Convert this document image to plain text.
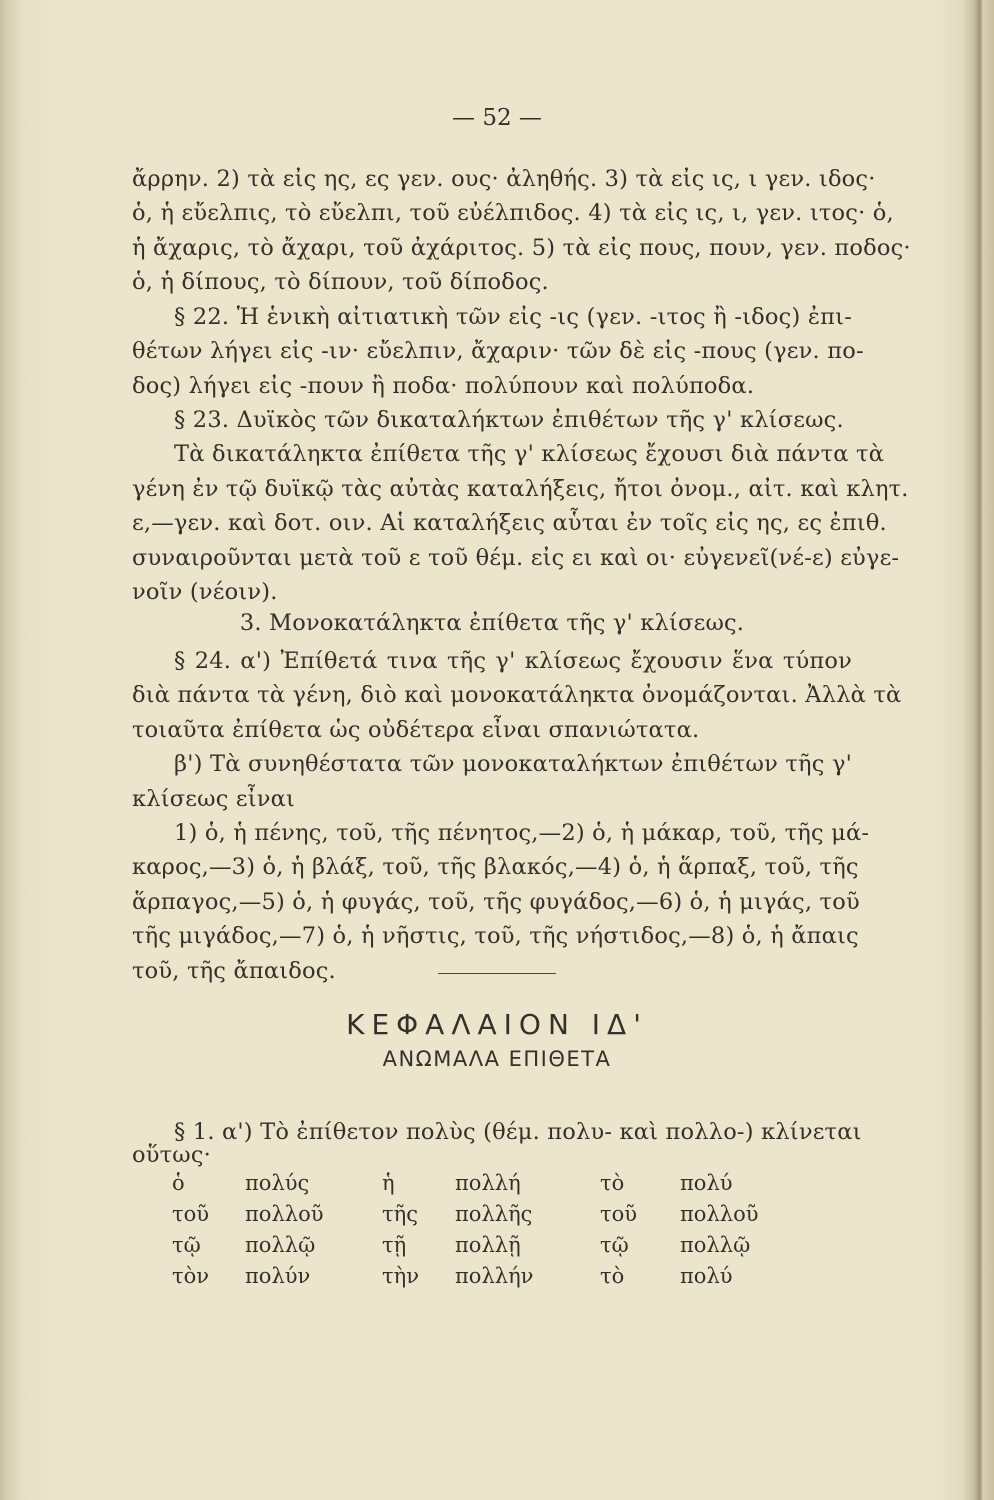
— 52 —
ἄρρην. 2) τὰ εἰς ης, ες γεν. ους· ἀληθής. 3) τὰ εἰς ις, ι γεν. ιδος·
ὁ, ἡ εὔελπις, τὸ εὔελπι, τοῦ εὐέλπιδος. 4) τὰ εἰς ις, ι, γεν. ιτος· ὁ,
ἡ ἄχαρις, τὸ ἄχαρι, τοῦ ἀχάριτος. 5) τὰ εἰς πους, πουν, γεν. ποδος·
ὁ, ἡ δίπους, τὸ δίπουν, τοῦ δίποδος.
§ 22. Ἡ ἑνικὴ αἰτιατικὴ τῶν εἰς -ις (γεν. -ιτος ἢ -ιδος) ἐπι-
θέτων λήγει εἰς -ιν· εὔελπιν, ἄχαριν· τῶν δὲ εἰς -πους (γεν. πο-
δος) λήγει εἰς -πουν ἢ ποδα· πολύπουν καὶ πολύποδα.
§ 23. Δυϊκὸς τῶν δικαταλήκτων ἐπιθέτων τῆς γ' κλίσεως.
Τὰ δικατάληκτα ἐπίθετα τῆς γ' κλίσεως ἔχουσι διὰ πάντα τὰ
γένη ἐν τῷ δυϊκῷ τὰς αὐτὰς καταλήξεις, ἤτοι ὀνομ., αἰτ. καὶ κλητ.
ε,—γεν. καὶ δοτ. οιν. Αἱ καταλήξεις αὗται ἐν τοῖς εἰς ης, ες ἐπιθ.
συναιροῦνται μετὰ τοῦ ε τοῦ θέμ. εἰς ει καὶ οι· εὐγενεῖ(νέ-ε) εὐγε-
νοῖν (νέοιν).
3. Μονοκατάληκτα ἐπίθετα τῆς γ' κλίσεως.
§ 24. α') Ἐπίθετά τινα τῆς γ' κλίσεως ἔχουσιν ἕνα τύπον
διὰ πάντα τὰ γένη, διὸ καὶ μονοκατάληκτα ὀνομάζονται. Ἀλλὰ τὰ
τοιαῦτα ἐπίθετα ὡς οὐδέτερα εἶναι σπανιώτατα.
β') Τὰ συνηθέστατα τῶν μονοκαταλήκτων ἐπιθέτων τῆς γ'
κλίσεως εἶναι
1) ὁ, ἡ πένης, τοῦ, τῆς πένητος,—2) ὁ, ἡ μάκαρ, τοῦ, τῆς μά-
καρος,—3) ὁ, ἡ βλάξ, τοῦ, τῆς βλακός,—4) ὁ, ἡ ἅρπαξ, τοῦ, τῆς
ἅρπαγος,—5) ὁ, ἡ φυγάς, τοῦ, τῆς φυγάδος,—6) ὁ, ἡ μιγάς, τοῦ
τῆς μιγάδος,—7) ὁ, ἡ νῆστις, τοῦ, τῆς νήστιδος,—8) ὁ, ἡ ἄπαις
τοῦ, τῆς ἄπαιδος.
ΚΕΦΑΛΑΙΟΝ ΙΔ'
ΑΝΩΜΑΛΑ ΕΠΙΘΕΤΑ
§ 1. α') Τὸ ἐπίθετον πολὺς (θέμ. πολυ- καὶ πολλο-) κλίνεται
οὕτως·
ὁ	πολύς	ἡ	πολλή	τὸ	πολύ
τοῦ	πολλοῦ	τῆς	πολλῆς	τοῦ	πολλοῦ
τῷ	πολλῷ	τῇ	πολλῇ	τῷ	πολλῷ
τὸν	πολύν	τὴν	πολλήν	τὸ	πολύ
